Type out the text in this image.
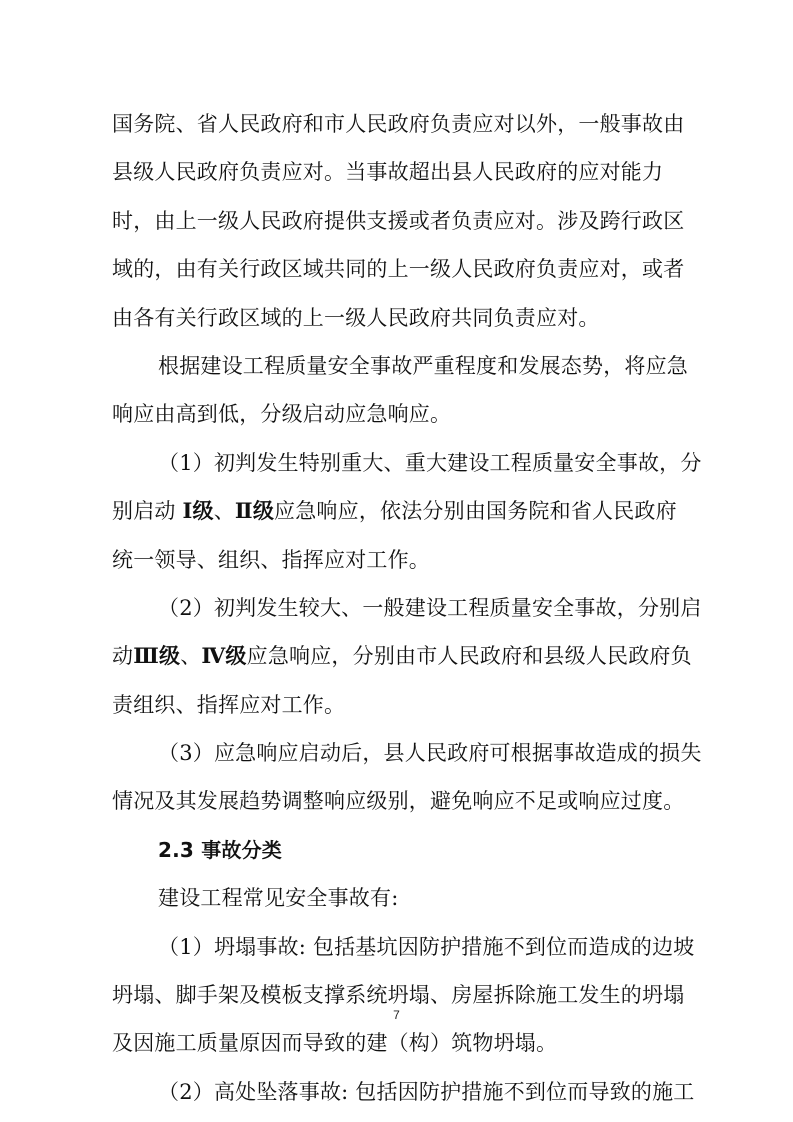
国务院、省人民政府和市人民政府负责应对以外，一般事故由
县级人民政府负责应对。当事故超出县人民政府的应对能力
时，由上一级人民政府提供支援或者负责应对。涉及跨行政区
域的，由有关行政区域共同的上一级人民政府负责应对，或者
由各有关行政区域的上一级人民政府共同负责应对。
根据建设工程质量安全事故严重程度和发展态势，将应急
响应由高到低，分级启动应急响应。
（1）初判发生特别重大、重大建设工程质量安全事故，分
别启动 Ⅰ级、Ⅱ级应急响应，依法分别由国务院和省人民政府
统一领导、组织、指挥应对工作。
（2）初判发生较大、一般建设工程质量安全事故，分别启
动Ⅲ级、Ⅳ级应急响应，分别由市人民政府和县级人民政府负
责组织、指挥应对工作。
（3）应急响应启动后，县人民政府可根据事故造成的损失
情况及其发展趋势调整响应级别，避免响应不足或响应过度。
2.3 事故分类
建设工程常见安全事故有:
（1）坍塌事故: 包括基坑因防护措施不到位而造成的边坡
坍塌、脚手架及模板支撑系统坍塌、房屋拆除施工发生的坍塌
及因施工质量原因而导致的建（构）筑物坍塌。
（2）高处坠落事故: 包括因防护措施不到位而导致的施工
7
